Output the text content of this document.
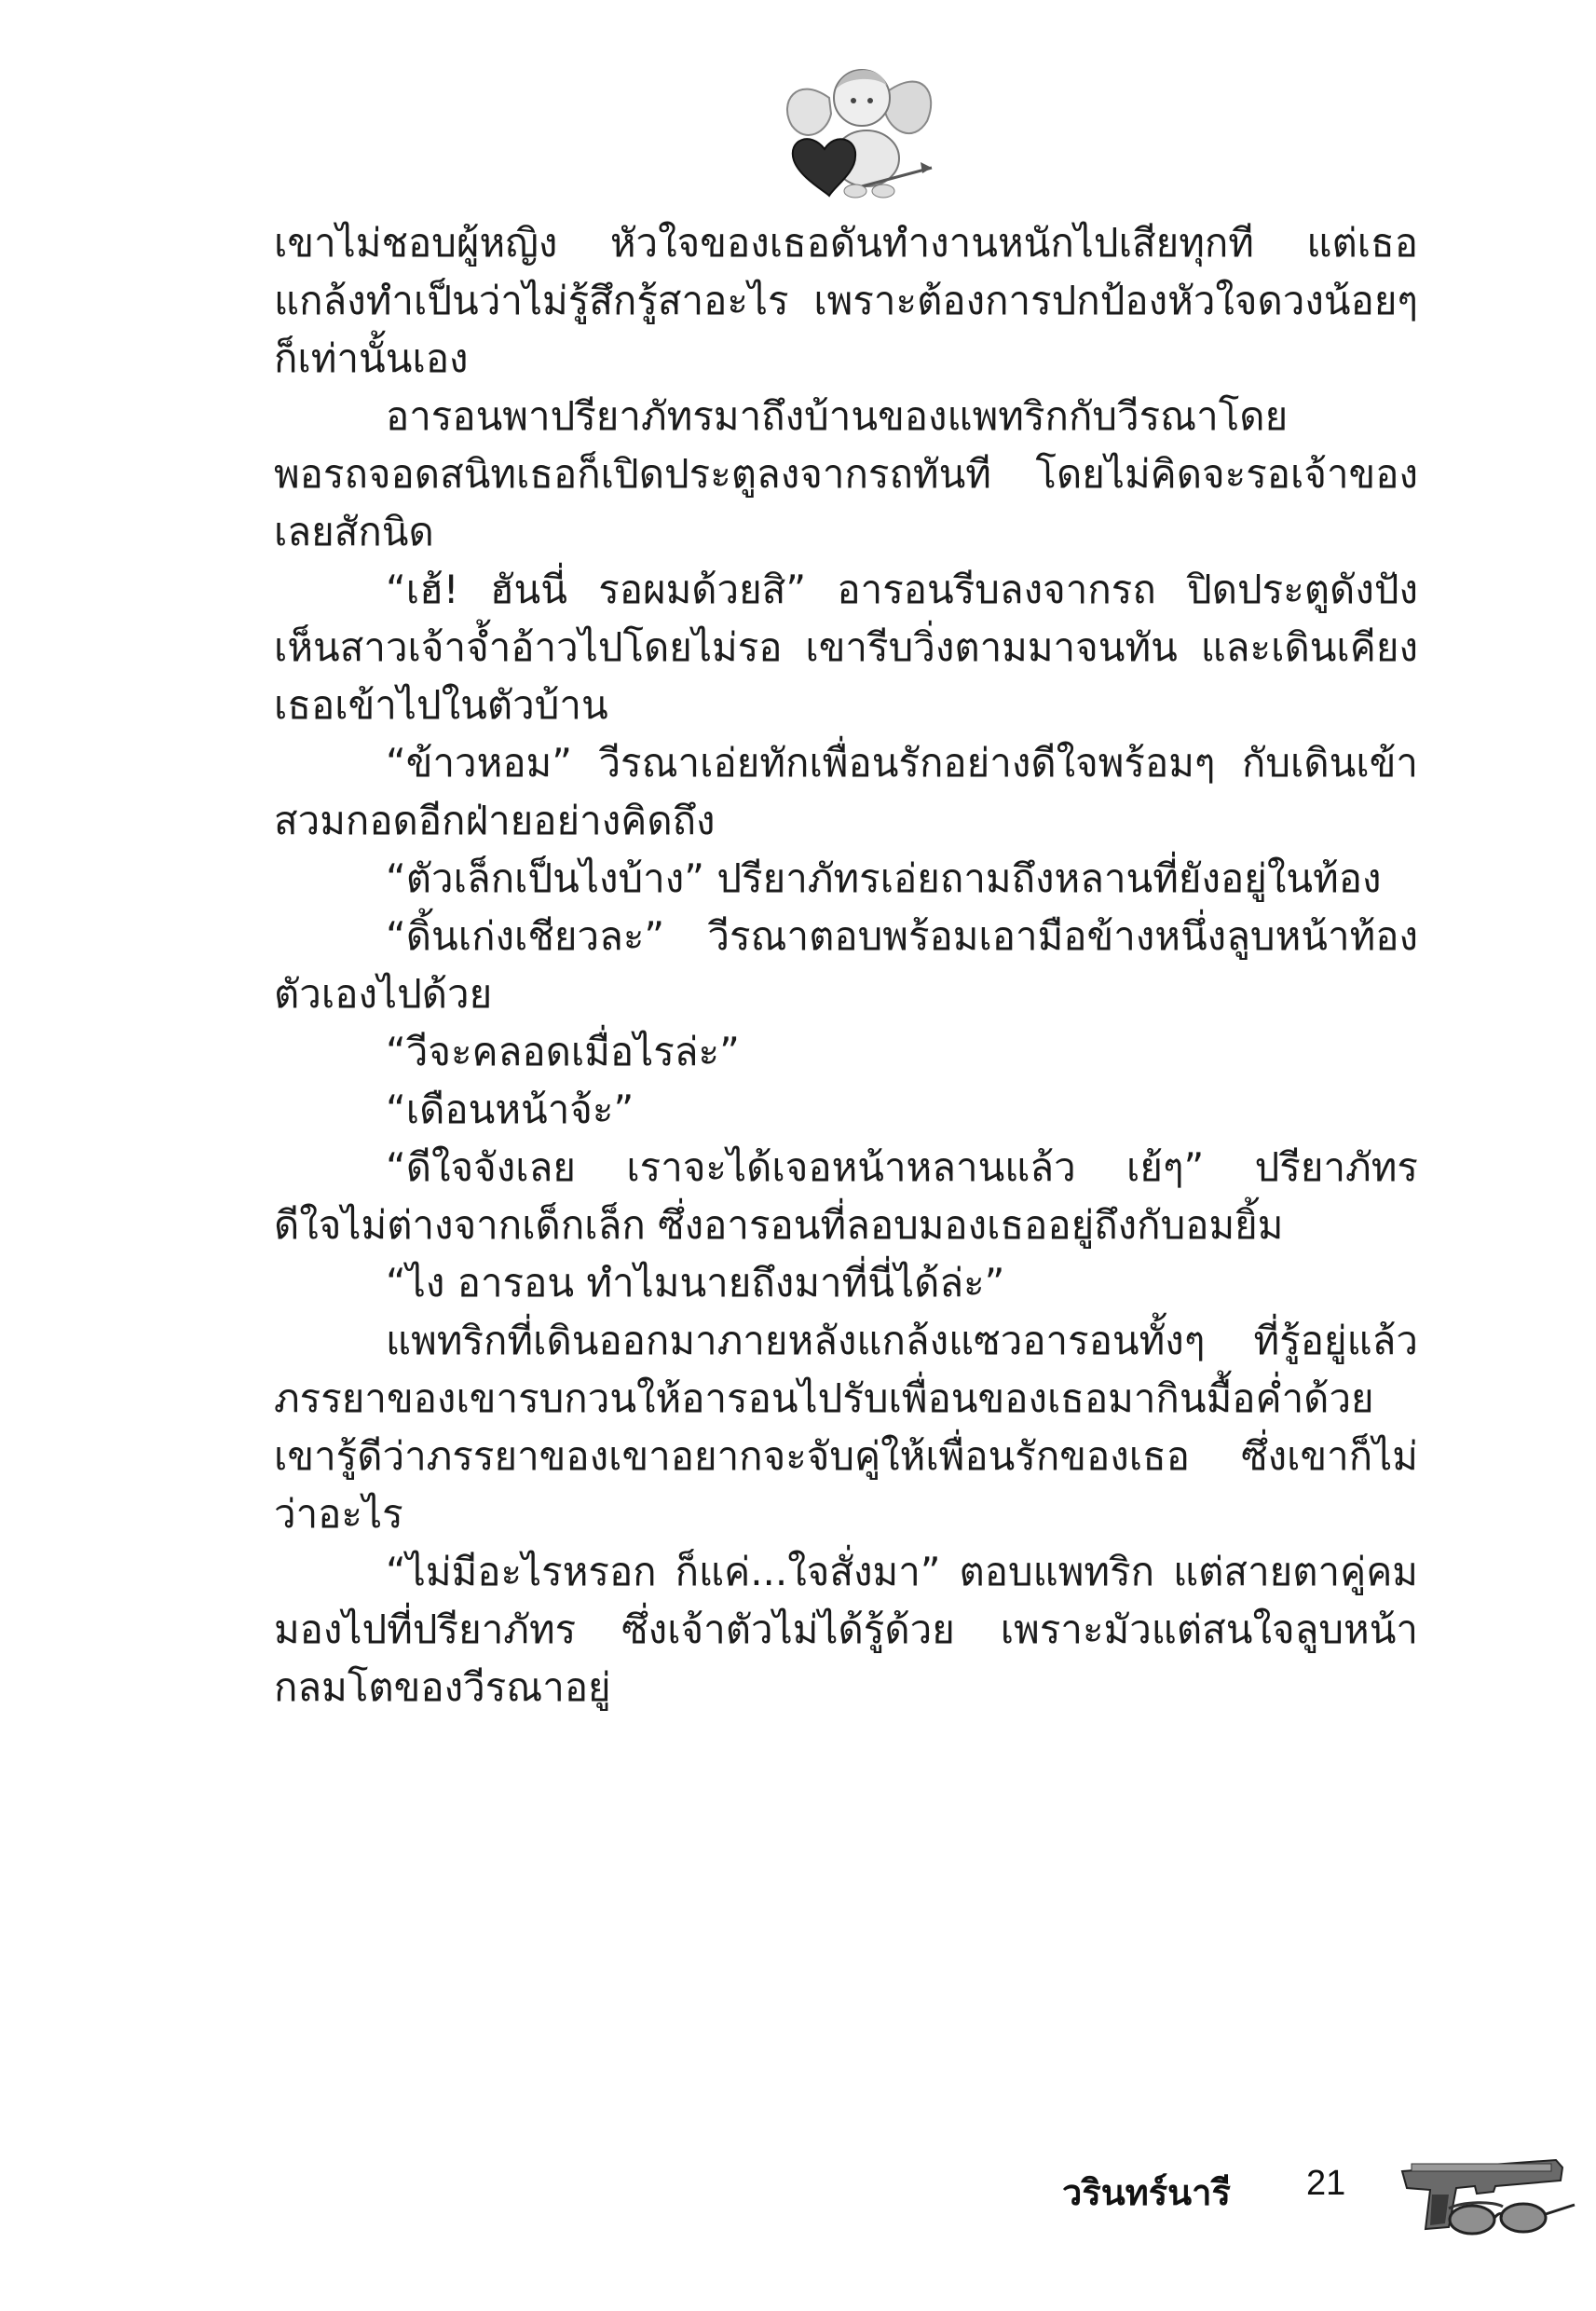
เขาไม่ชอบผู้หญิง หัวใจของเธอดันทำงานหนักไปเสียทุกที แต่เธอ
แกล้งทำเป็นว่าไม่รู้สึกรู้สาอะไร เพราะต้องการปกป้องหัวใจดวงน้อยๆ
ก็เท่านั้นเอง
อารอนพาปรียาภัทรมาถึงบ้านของแพทริกกับวีรณาโดย
พอรถจอดสนิทเธอก็เปิดประตูลงจากรถทันที โดยไม่คิดจะรอเจ้าของ
เลยสักนิด
“เฮ้! ฮันนี่ รอผมด้วยสิ” อารอนรีบลงจากรถ ปิดประตูดังปัง
เห็นสาวเจ้าจ้ำอ้าวไปโดยไม่รอ เขารีบวิ่งตามมาจนทัน และเดินเคียง
เธอเข้าไปในตัวบ้าน
“ข้าวหอม” วีรณาเอ่ยทักเพื่อนรักอย่างดีใจพร้อมๆ กับเดินเข้า
สวมกอดอีกฝ่ายอย่างคิดถึง
“ตัวเล็กเป็นไงบ้าง” ปรียาภัทรเอ่ยถามถึงหลานที่ยังอยู่ในท้อง
“ดิ้นเก่งเชียวละ” วีรณาตอบพร้อมเอามือข้างหนึ่งลูบหน้าท้อง
ตัวเองไปด้วย
“วีจะคลอดเมื่อไรล่ะ”
“เดือนหน้าจ้ะ”
“ดีใจจังเลย เราจะได้เจอหน้าหลานแล้ว เย้ๆ” ปรียาภัทร
ดีใจไม่ต่างจากเด็กเล็ก ซึ่งอารอนที่ลอบมองเธออยู่ถึงกับอมยิ้ม
“ไง อารอน ทำไมนายถึงมาที่นี่ได้ล่ะ”
แพทริกที่เดินออกมาภายหลังแกล้งแซวอารอนทั้งๆ ที่รู้อยู่แล้ว
ภรรยาของเขารบกวนให้อารอนไปรับเพื่อนของเธอมากินมื้อค่ำด้วย
เขารู้ดีว่าภรรยาของเขาอยากจะจับคู่ให้เพื่อนรักของเธอ ซึ่งเขาก็ไม่
ว่าอะไร
“ไม่มีอะไรหรอก ก็แค่...ใจสั่งมา” ตอบแพทริก แต่สายตาคู่คม
มองไปที่ปรียาภัทร ซึ่งเจ้าตัวไม่ได้รู้ด้วย เพราะมัวแต่สนใจลูบหน้า
กลมโตของวีรณาอยู่
วรินทร์นารี 21
